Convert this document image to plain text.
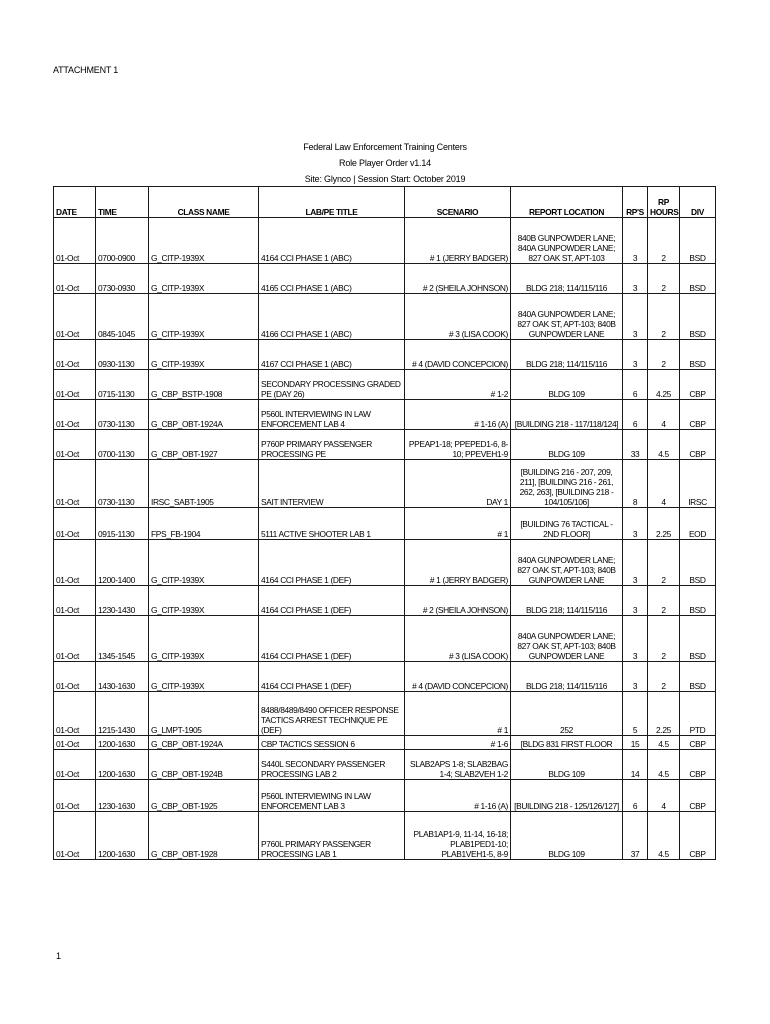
ATTACHMENT 1
Federal Law Enforcement Training Centers
Role Player Order v1.14
Site: Glynco | Session Start: October 2019
DATE	TIME	CLASS NAME	LAB/PE TITLE	SCENARIO	REPORT LOCATION	RP'S	RP HOURS	DIV
01-Oct	0700-0900	G_CITP-1939X	4164 CCI PHASE 1 (ABC)	# 1 (JERRY BADGER)	840B GUNPOWDER LANE; 840A GUNPOWDER LANE; 827 OAK ST, APT-103	3	2	BSD
01-Oct	0730-0930	G_CITP-1939X	4165 CCI PHASE 1 (ABC)	# 2 (SHEILA JOHNSON)	BLDG 218; 114/115/116	3	2	BSD
01-Oct	0845-1045	G_CITP-1939X	4166 CCI PHASE 1 (ABC)	# 3 (LISA COOK)	840A GUNPOWDER LANE; 827 OAK ST, APT-103; 840B GUNPOWDER LANE	3	2	BSD
01-Oct	0930-1130	G_CITP-1939X	4167 CCI PHASE 1 (ABC)	# 4 (DAVID CONCEPCION)	BLDG 218; 114/115/116	3	2	BSD
01-Oct	0715-1130	G_CBP_BSTP-1908	SECONDARY PROCESSING GRADED PE (DAY 26)	# 1-2	BLDG 109	6	4.25	CBP
01-Oct	0730-1130	G_CBP_OBT-1924A	P560L INTERVIEWING IN LAW ENFORCEMENT LAB 4	# 1-16 (A)	[BUILDING 218 - 117/118/124]	6	4	CBP
01-Oct	0700-1130	G_CBP_OBT-1927	P760P PRIMARY PASSENGER PROCESSING PE	PPEAP1-18; PPEPED1-6, 8-10; PPEVEH1-9	BLDG 109	33	4.5	CBP
01-Oct	0730-1130	IRSC_SABT-1905	SAIT INTERVIEW	DAY 1	[BUILDING 216 - 207, 209, 211], [BUILDING 216 - 261, 262, 263], [BUILDING 218 - 104/105/106]	8	4	IRSC
01-Oct	0915-1130	FPS_FB-1904	5111 ACTIVE SHOOTER LAB 1	# 1	[BUILDING 76 TACTICAL - 2ND FLOOR]	3	2.25	EOD
01-Oct	1200-1400	G_CITP-1939X	4164 CCI PHASE 1 (DEF)	# 1 (JERRY BADGER)	840A GUNPOWDER LANE; 827 OAK ST, APT-103; 840B GUNPOWDER LANE	3	2	BSD
01-Oct	1230-1430	G_CITP-1939X	4164 CCI PHASE 1 (DEF)	# 2 (SHEILA JOHNSON)	BLDG 218; 114/115/116	3	2	BSD
01-Oct	1345-1545	G_CITP-1939X	4164 CCI PHASE 1 (DEF)	# 3 (LISA COOK)	840A GUNPOWDER LANE; 827 OAK ST, APT-103; 840B GUNPOWDER LANE	3	2	BSD
01-Oct	1430-1630	G_CITP-1939X	4164 CCI PHASE 1 (DEF)	# 4 (DAVID CONCEPCION)	BLDG 218; 114/115/116	3	2	BSD
01-Oct	1215-1430	G_LMPT-1905	8488/8489/8490 OFFICER RESPONSE TACTICS ARREST TECHNIQUE PE (DEF)	# 1	252	5	2.25	PTD
01-Oct	1200-1630	G_CBP_OBT-1924A	CBP TACTICS SESSION 6	# 1-6	[BLDG 831 FIRST FLOOR	15	4.5	CBP
01-Oct	1200-1630	G_CBP_OBT-1924B	S440L SECONDARY PASSENGER PROCESSING LAB 2	SLAB2APS 1-8; SLAB2BAG 1-4; SLAB2VEH 1-2	BLDG 109	14	4.5	CBP
01-Oct	1230-1630	G_CBP_OBT-1925	P560L INTERVIEWING IN LAW ENFORCEMENT LAB 3	# 1-16 (A)	[BUILDING 218 - 125/126/127]	6	4	CBP
01-Oct	1200-1630	G_CBP_OBT-1928	P760L PRIMARY PASSENGER PROCESSING LAB 1	PLAB1AP1-9, 11-14, 16-18; PLAB1PED1-10; PLAB1VEH1-5, 8-9	BLDG 109	37	4.5	CBP
1
